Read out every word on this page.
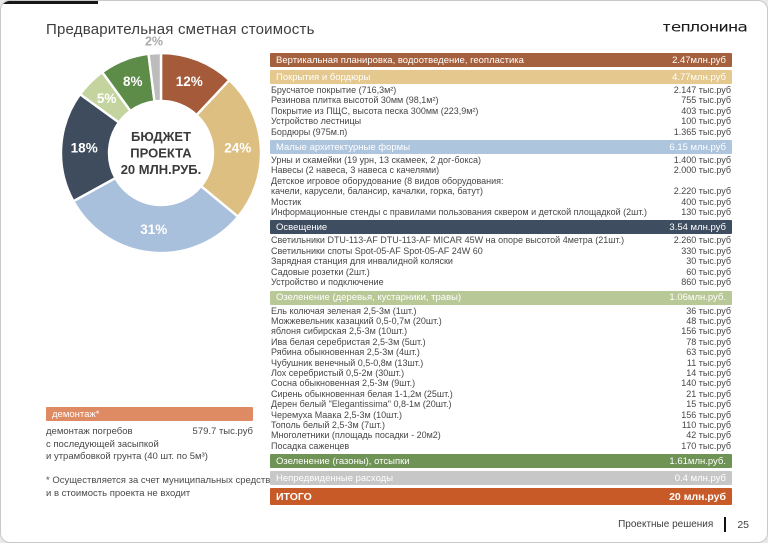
Предварительная сметная стоимость	теплонина
12%
24%
31%
18%
5%
8%
2%
БЮДЖЕТ
ПРОЕКТА
20 МЛН.РУБ.
Вертикальная планировка, водоотведение, геопластика	2.47млн.руб
Покрытия и бордюры	4.77млн.руб
Брусчатое покрытие (716,3м²)	2.147 тыс.руб
Резинова плитка высотой 30мм (98,1м²)	755 тыс.руб
Покрытие из ПЩС, высота песка 300мм (223,9м²)	403 тыс.руб
Устройство лестницы	100 тыс.руб
Бордюры (975м.п)	1.365 тыс.руб
Малые архитектурные формы	6.15 млн.руб
Урны и скамейки (19 урн, 13 скамеек, 2 дог-бокса)	1.400 тыс.руб
Навесы (2 навеса, 3 навеса с качелями)	2.000 тыс.руб
Детское игровое оборудование (8 видов оборудования:
качели, карусели, балансир, качалки, горка, батут)	2.220 тыс.руб
Мостик	400 тыс.руб
Информационные стенды с правилами пользования сквером и детской площадкой (2шт.)	130 тыс.руб
Освещение	3.54 млн.руб
Светильники DTU-113-AF DTU-113-AF MICAR 45W на опоре высотой 4метра (21шт.)	2.260 тыс.руб
Светильники споты Spot-05-AF Spot-05-AF 24W 60	330 тыс.руб
Зарядная станция для инвалидной коляски	30 тыс.руб
Садовые розетки (2шт.)	60 тыс.руб
Устройство и подключение	860 тыс.руб
Озеленение (деревья, кустарники, травы)	1.06млн.руб.
Ель колючая зеленая 2,5-3м (1шт.)	36 тыс.руб
Можжевельник казацкий 0,5-0,7м (20шт.)	48 тыс.руб
яблоня сибирская 2,5-3м (10шт.)	156 тыс.руб
Ива белая серебристая 2,5-3м (5шт.)	78 тыс.руб
Рябина обыкновенная 2,5-3м (4шт.)	63 тыс.руб
Чубушник венечный 0,5-0,8м (13шт.)	11 тыс.руб
Лох серебристый 0,5-2м (30шт.)	14 тыс.руб
Сосна обыкновенная 2,5-3м (9шт.)	140 тыс.руб
Сирень обыкновенная белая 1-1,2м (25шт.)	21 тыс.руб
Дерен белый "Elegantissima" 0,8-1м (20шт.)	15 тыс.руб
Черемуха Маака 2,5-3м (10шт.)	156 тыс.руб
Тополь белый 2,5-3м (7шт.)	110 тыс.руб
Многолетники (площадь посадки - 20м2)	42 тыс.руб
Посадка саженцев	170 тыс.руб
Озеленение (газоны), отсыпки	1.61млн.руб.
Непредвиденные расходы	0.4 млн.руб
ИТОГО	20 млн.руб
демонтаж*
демонтаж погребов	579.7 тыс.руб
с последующей засыпкой
и утрамбовкой грунта (40 шт. по 5м³)
* Осуществляется за счет муниципальных средств и в стоимость проекта не входит
Проектные решения 25
